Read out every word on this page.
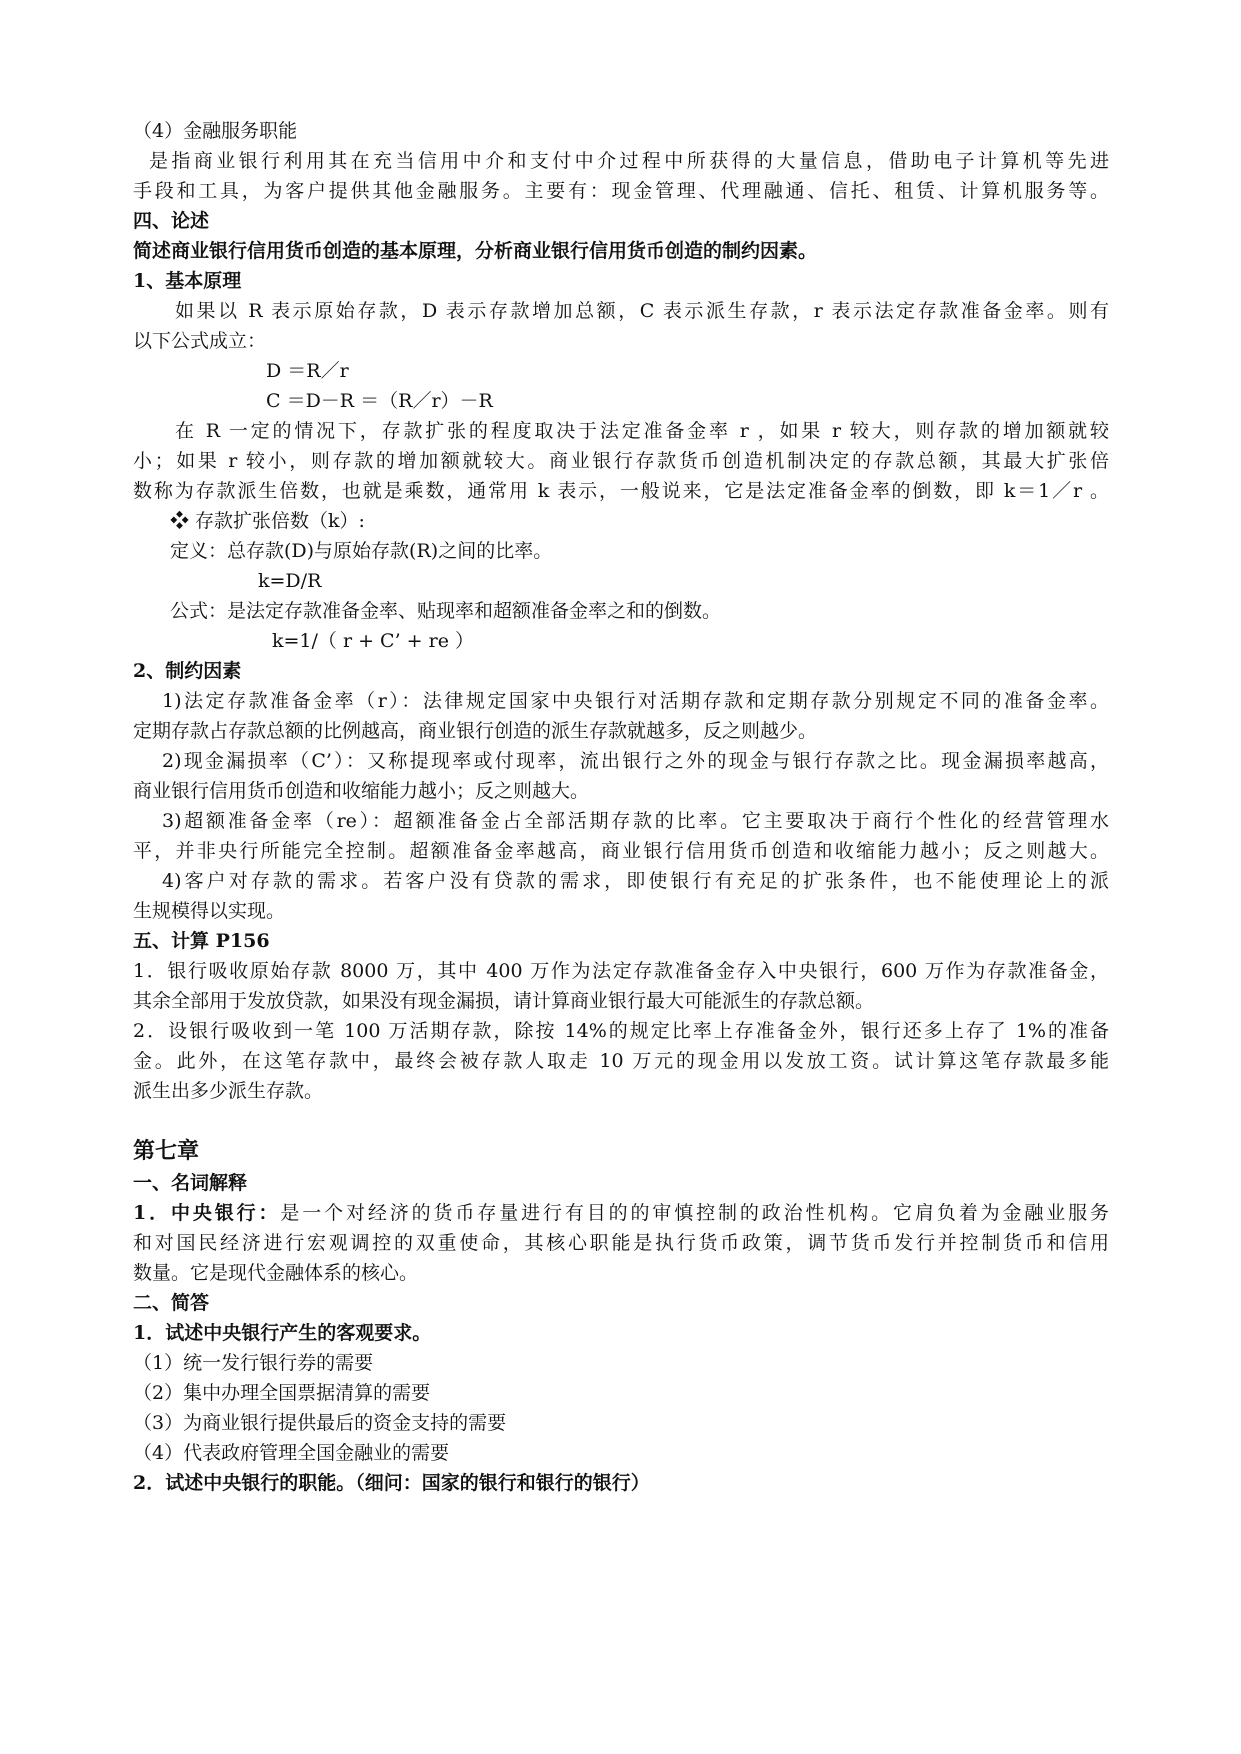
（4）金融服务职能
是指商业银行利用其在充当信用中介和支付中介过程中所获得的大量信息，借助电子计算机等先进
手段和工具，为客户提供其他金融服务。主要有：现金管理、代理融通、信托、租赁、计算机服务等。
四、论述
简述商业银行信用货币创造的基本原理，分析商业银行信用货币创造的制约因素。
1、基本原理
如果以 R 表示原始存款，D 表示存款增加总额，C 表示派生存款，r 表示法定存款准备金率。则有
以下公式成立：
D ＝R／r
C ＝D－R ＝（R／r）－R
在 R 一定的情况下，存款扩张的程度取决于法定准备金率 r ，如果 r 较大，则存款的增加额就较
小；如果 r 较小，则存款的增加额就较大。商业银行存款货币创造机制决定的存款总额，其最大扩张倍
数称为存款派生倍数，也就是乘数，通常用 k 表示，一般说来，它是法定准备金率的倒数，即 k＝1／r 。
❖ 存款扩张倍数（k）:
定义：总存款(D)与原始存款(R)之间的比率。
k=D/R
公式：是法定存款准备金率、贴现率和超额准备金率之和的倒数。
k=1/（ r + C’ + re ）
2、制约因素
1)法定存款准备金率（r）：法律规定国家中央银行对活期存款和定期存款分别规定不同的准备金率。
定期存款占存款总额的比例越高，商业银行创造的派生存款就越多，反之则越少。
2)现金漏损率（C’）：又称提现率或付现率，流出银行之外的现金与银行存款之比。现金漏损率越高，
商业银行信用货币创造和收缩能力越小；反之则越大。
3)超额准备金率（re）：超额准备金占全部活期存款的比率。它主要取决于商行个性化的经营管理水
平，并非央行所能完全控制。超额准备金率越高，商业银行信用货币创造和收缩能力越小；反之则越大。
4)客户对存款的需求。若客户没有贷款的需求，即使银行有充足的扩张条件，也不能使理论上的派
生规模得以实现。
五、计算 P156
1．银行吸收原始存款 8000 万，其中 400 万作为法定存款准备金存入中央银行，600 万作为存款准备金，
其余全部用于发放贷款，如果没有现金漏损，请计算商业银行最大可能派生的存款总额。
2．设银行吸收到一笔 100 万活期存款，除按 14%的规定比率上存准备金外，银行还多上存了 1%的准备
金。此外，在这笔存款中，最终会被存款人取走 10 万元的现金用以发放工资。试计算这笔存款最多能
派生出多少派生存款。
第七章
一、名词解释
1．中央银行：是一个对经济的货币存量进行有目的的审慎控制的政治性机构。它肩负着为金融业服务
和对国民经济进行宏观调控的双重使命，其核心职能是执行货币政策，调节货币发行并控制货币和信用
数量。它是现代金融体系的核心。
二、简答
1．试述中央银行产生的客观要求。
（1）统一发行银行券的需要
（2）集中办理全国票据清算的需要
（3）为商业银行提供最后的资金支持的需要
（4）代表政府管理全国金融业的需要
2．试述中央银行的职能。（细问：国家的银行和银行的银行）
